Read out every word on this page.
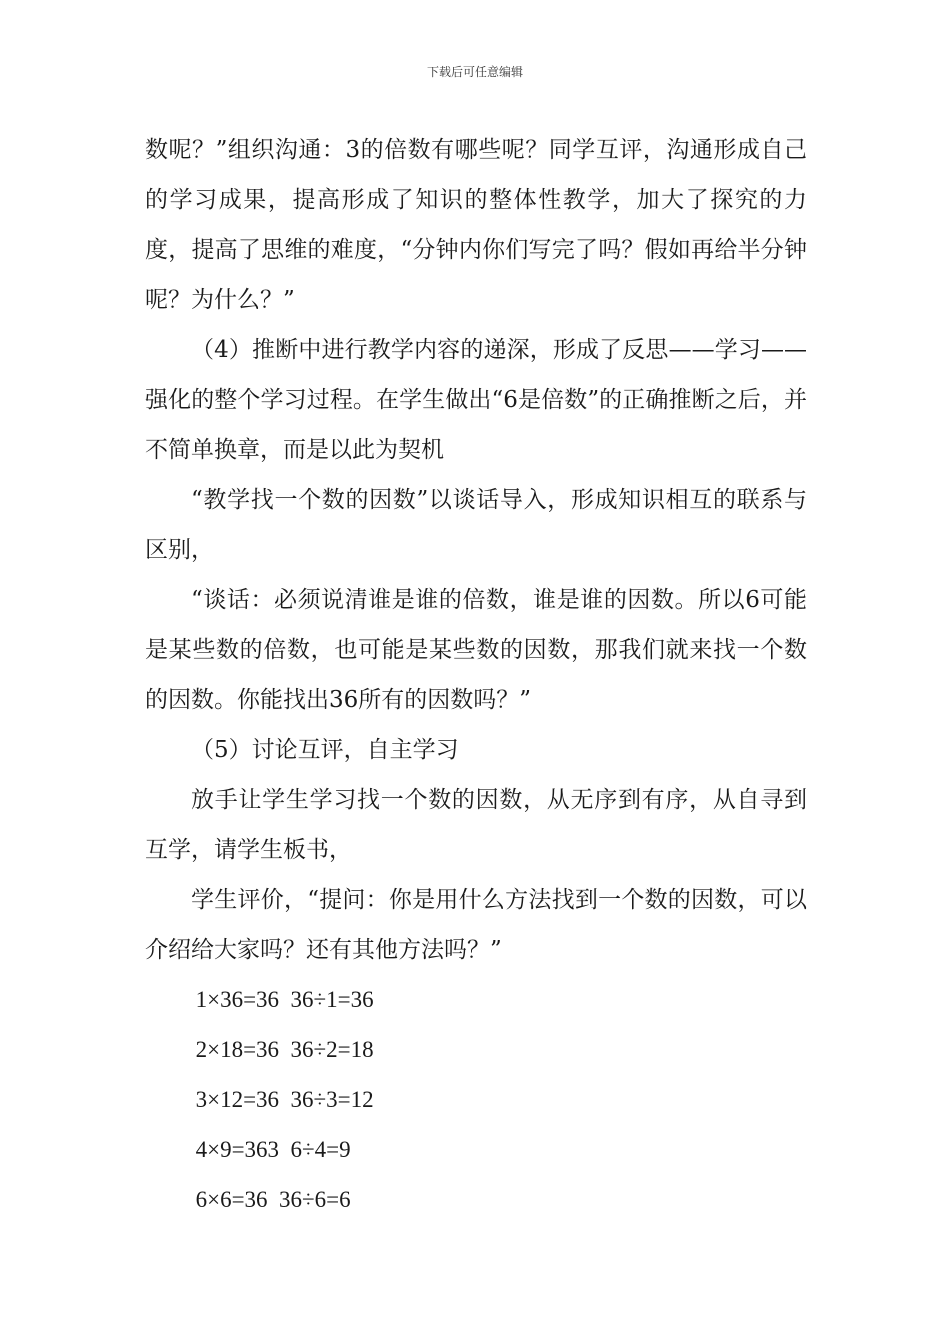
下载后可任意编辑

数呢？”组织沟通：3的倍数有哪些呢？同学互评，沟通形成自己的学习成果，提高形成了知识的整体性教学，加大了探究的力度，提高了思维的难度，“分钟内你们写完了吗？假如再给半分钟呢？为什么？”

（4）推断中进行教学内容的递深，形成了反思——学习——强化的整个学习过程。在学生做出“6是倍数”的正确推断之后，并不简单换章，而是以此为契机

“教学找一个数的因数”以谈话导入，形成知识相互的联系与区别，

“谈话：必须说清谁是谁的倍数，谁是谁的因数。所以6可能是某些数的倍数，也可能是某些数的因数，那我们就来找一个数的因数。你能找出36所有的因数吗？”

（5）讨论互评，自主学习

放手让学生学习找一个数的因数，从无序到有序，从自寻到互学，请学生板书，

学生评价，“提问：你是用什么方法找到一个数的因数，可以介绍给大家吗？还有其他方法吗？”

1×36=36  36÷1=36

2×18=36  36÷2=18

3×12=36  36÷3=12

4×9=363  6÷4=9

6×6=36  36÷6=6
